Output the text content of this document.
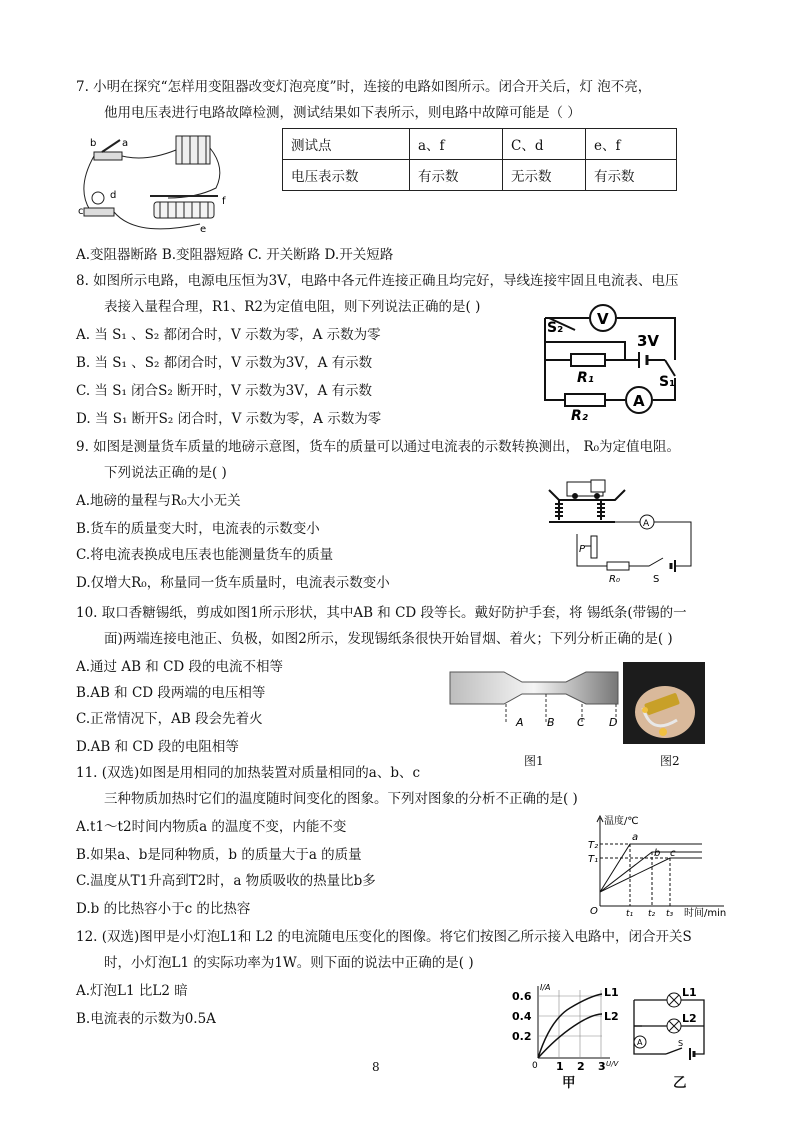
7. 小明在探究“怎样用变阻器改变灯泡亮度”时，连接的电路如图所示。闭合开关后，灯 泡不亮，
他用电压表进行电路故障检测，测试结果如下表所示，则电路中故障可能是（ ）
b	a
c
d
e
f
测试点	a、f	C、d	e、f
电压表示数	有示数	无示数	有示数
A.变阻器断路 B.变阻器短路 C. 开关断路 D.开关短路
8. 如图所示电路，电源电压恒为3V，电路中各元件连接正确且均完好，导线连接牢固且电流表、电压
表接入量程合理，R1、R2为定值电阻，则下列说法正确的是( )
A. 当 S₁ 、S₂ 都闭合时，V 示数为零，A 示数为零
B. 当 S₁ 、S₂ 都闭合时，V 示数为3V，A 有示数
C. 当 S₁ 闭合S₂ 断开时，V 示数为3V，A 有示数
D. 当 S₁ 断开S₂ 闭合时，V 示数为零，A 示数为零
V
S₂
3V
R₁	S₁
R₂
A
9. 如图是测量货车质量的地磅示意图，货车的质量可以通过电流表的示数转换测出， R₀为定值电阻。
下列说法正确的是( )
A.地磅的量程与R₀大小无关
B.货车的质量变大时，电流表的示数变小
C.将电流表换成电压表也能测量货车的质量
D.仅增大R₀，称量同一货车质量时，电流表示数变小
A
P
R₀	S
10. 取口香糖锡纸，剪成如图1所示形状，其中AB 和 CD 段等长。戴好防护手套，将 锡纸条(带锡的一
面)两端连接电池正、负极，如图2所示，发现锡纸条很快开始冒烟、着火；下列分析正确的是( )
A.通过 AB 和 CD 段的电流不相等
B.AB 和 CD 段两端的电压相等
C.正常情况下，AB 段会先着火
D.AB 和 CD 段的电阻相等
A B C D
图1	图2
11. (双选)如图是用相同的加热装置对质量相同的a、b、c
三种物质加热时它们的温度随时间变化的图象。下列对图象的分析不正确的是( )
A.t1～t2时间内物质a 的温度不变，内能不变
B.如果a、b是同种物质，b 的质量大于a 的质量
C.温度从T1升高到T2时，a 物质吸收的热量比b多
D.b 的比热容小于c 的比热容
温度/℃
T₂
T₁
O
a
b c
t₁ t₂ t₃ 时间/min
12. (双选)图甲是小灯泡L1和 L2 的电流随电压变化的图像。将它们按图乙所示接入电路中，闭合开关S
时，小灯泡L1 的实际功率为1W。则下面的说法中正确的是( )
A.灯泡L1 比L2 暗
B.电流表的示数为0.5A
8
I/A
0.6
0.4
0.2
0 1 2 3 U/V
L1
L2
甲
L1
L2
A	S
乙
